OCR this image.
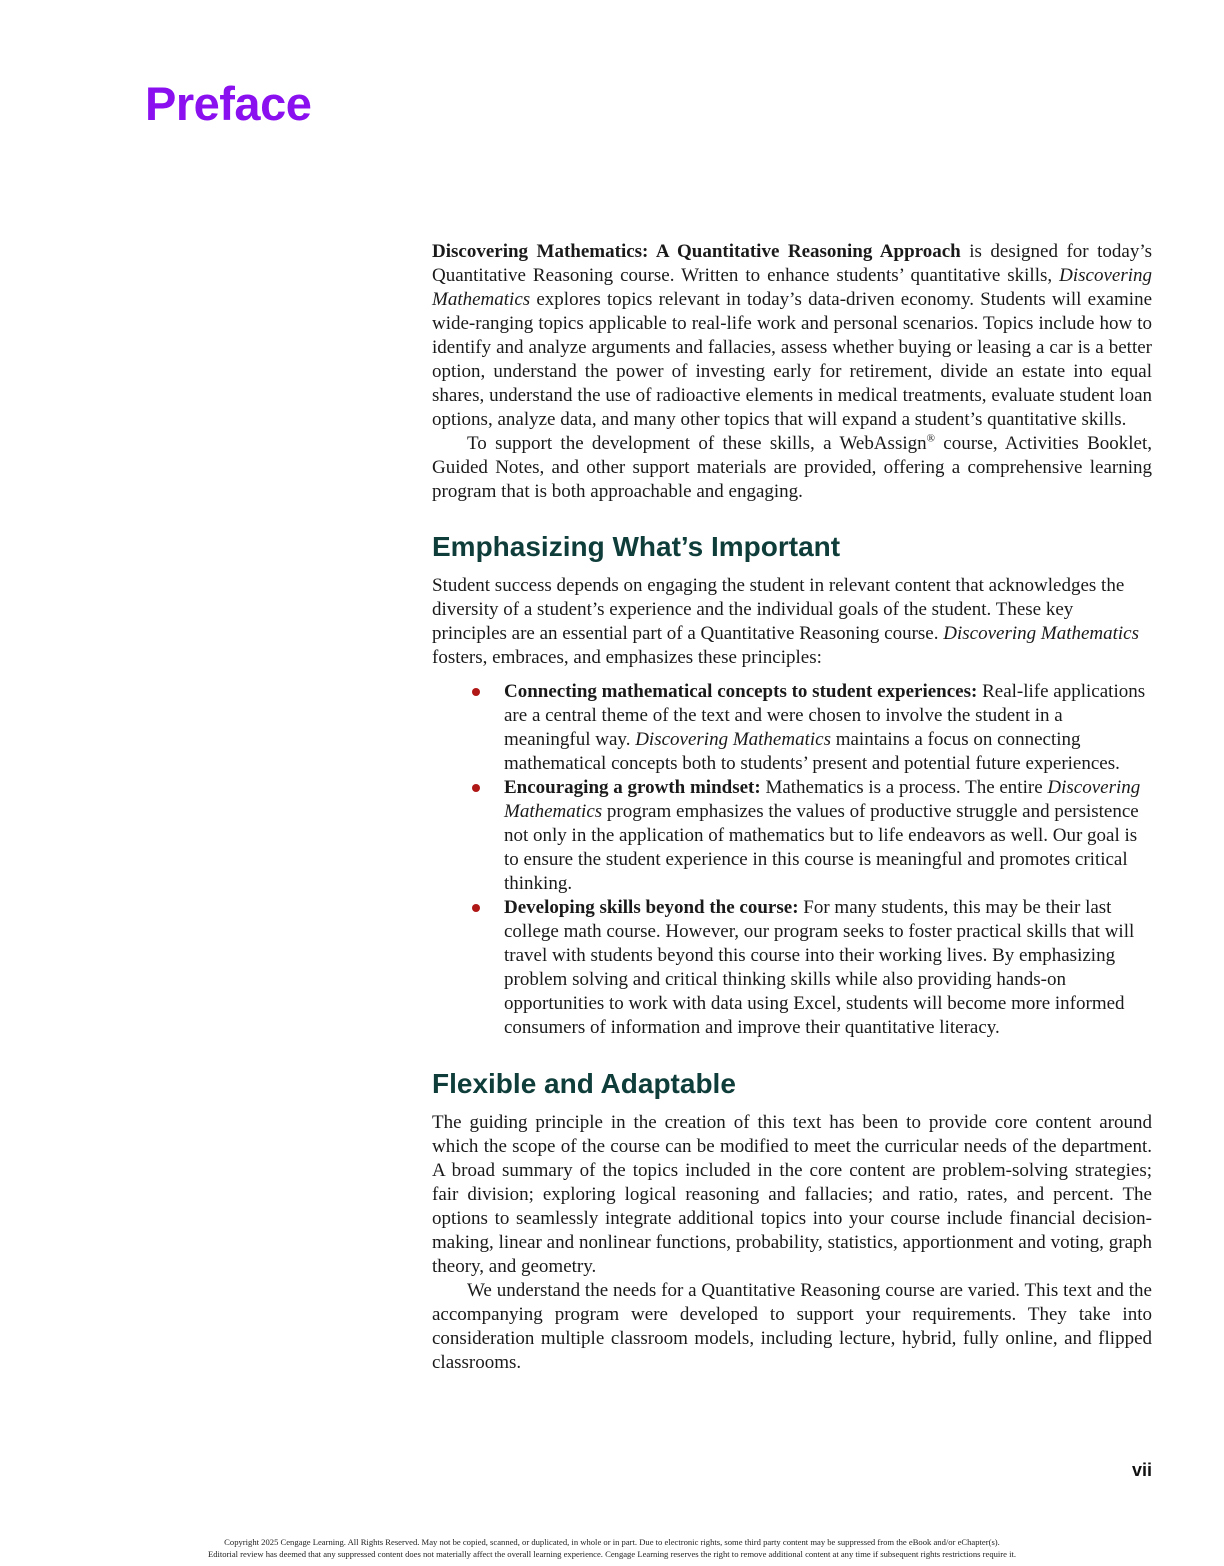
Preface

Discovering Mathematics: A Quantitative Reasoning Approach is designed for today’s Quantitative Reasoning course. Written to enhance students’ quantitative skills, Discovering Mathematics explores topics relevant in today’s data-driven economy. Students will examine wide-ranging topics applicable to real-life work and personal scenarios. Topics include how to identify and analyze arguments and fallacies, assess whether buying or leasing a car is a better option, understand the power of investing early for retirement, divide an estate into equal shares, understand the use of radioactive elements in medical treatments, evaluate student loan options, analyze data, and many other topics that will expand a student’s quantitative skills.

To support the development of these skills, a WebAssign® course, Activities Booklet, Guided Notes, and other support materials are provided, offering a comprehensive learning program that is both approachable and engaging.

Emphasizing What’s Important

Student success depends on engaging the student in relevant content that acknowledges the diversity of a student’s experience and the individual goals of the student. These key principles are an essential part of a Quantitative Reasoning course. Discovering Mathematics fosters, embraces, and emphasizes these principles:

Connecting mathematical concepts to student experiences: Real-life applications are a central theme of the text and were chosen to involve the student in a meaningful way. Discovering Mathematics maintains a focus on connecting mathematical concepts both to students’ present and potential future experiences.
Encouraging a growth mindset: Mathematics is a process. The entire Discovering Mathematics program emphasizes the values of productive struggle and persistence not only in the application of mathematics but to life endeavors as well. Our goal is to ensure the student experience in this course is meaningful and promotes critical thinking.
Developing skills beyond the course: For many students, this may be their last college math course. However, our program seeks to foster practical skills that will travel with students beyond this course into their working lives. By emphasizing problem solving and critical thinking skills while also providing hands-on opportunities to work with data using Excel, students will become more informed consumers of information and improve their quantitative literacy.
Flexible and Adaptable

The guiding principle in the creation of this text has been to provide core content around which the scope of the course can be modified to meet the curricular needs of the department. A broad summary of the topics included in the core content are problem-solving strategies; fair division; exploring logical reasoning and fallacies; and ratio, rates, and percent. The options to seamlessly integrate additional topics into your course include financial decision-making, linear and nonlinear functions, probability, statistics, apportionment and voting, graph theory, and geometry.

We understand the needs for a Quantitative Reasoning course are varied. This text and the accompanying program were developed to support your requirements. They take into consideration multiple classroom models, including lecture, hybrid, fully online, and flipped classrooms.

vii
Copyright 2025 Cengage Learning. All Rights Reserved. May not be copied, scanned, or duplicated, in whole or in part. Due to electronic rights, some third party content may be suppressed from the eBook and/or eChapter(s).
Editorial review has deemed that any suppressed content does not materially affect the overall learning experience. Cengage Learning reserves the right to remove additional content at any time if subsequent rights restrictions require it.
